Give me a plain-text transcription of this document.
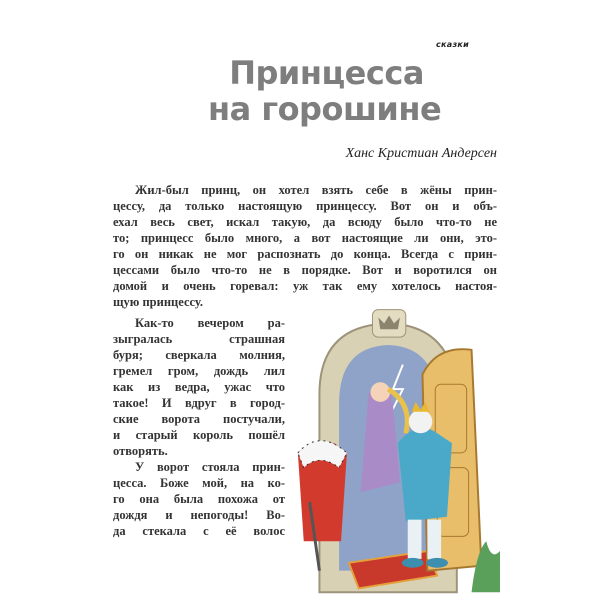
сказки
Принцесса
на горошине
Ханс Кристиан Андерсен
Жил-был принц, он хотел взять себе в жёны прин-
цессу, да только настоящую принцессу. Вот он и объ-
ехал весь свет, искал такую, да всюду было что-то не
то; принцесс было много, а вот настоящие ли они, это-
го он никак не мог распознать до конца. Всегда с прин-
цессами было что-то не в порядке. Вот и воротился он
домой и очень горевал: уж так ему хотелось настоя-
щую принцессу.
Как-то вечером ра-
зыгралась страшная
буря; сверкала молния,
гремел гром, дождь лил
как из ведра, ужас что
такое! И вдруг в город-
ские ворота постучали,
и старый король пошёл
отворять.
У ворот стояла прин-
цесса. Боже мой, на ко-
го она была похожа от
дождя и непогоды! Во-
да стекала с её волос
